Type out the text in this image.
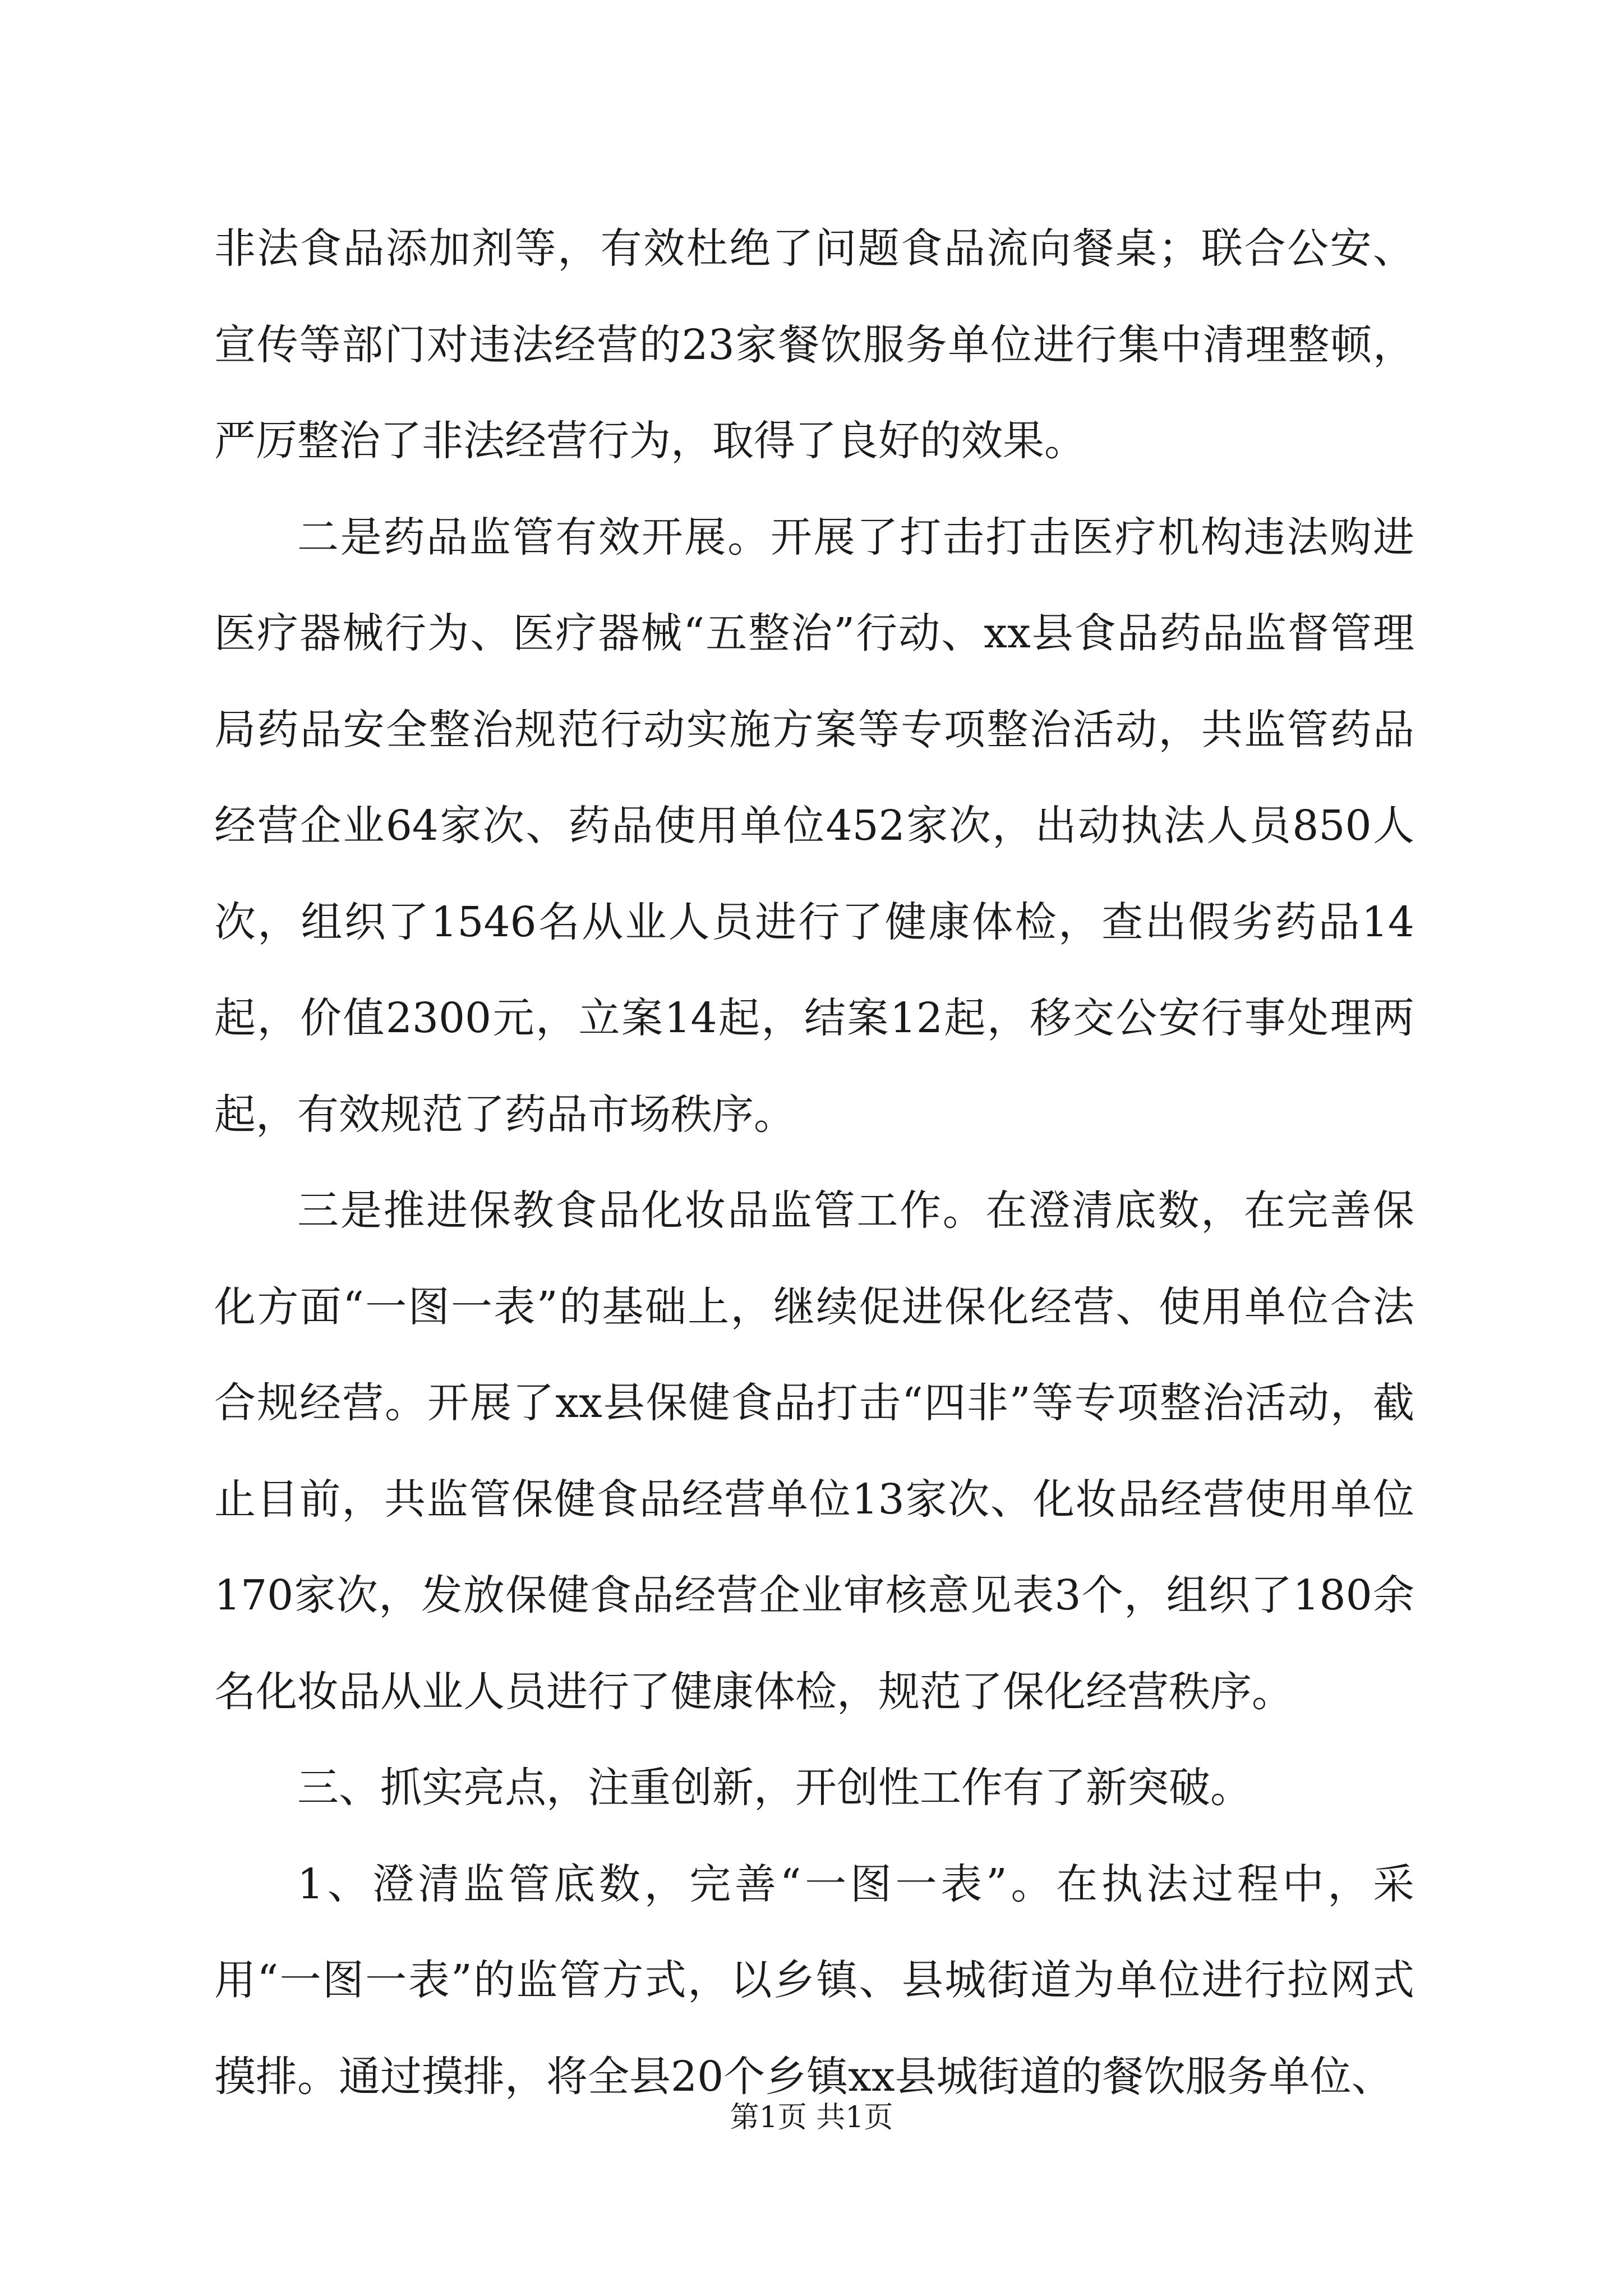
非法食品添加剂等，有效杜绝了问题食品流向餐桌；联合公安、宣传等部门对违法经营的23家餐饮服务单位进行集中清理整顿，严厉整治了非法经营行为，取得了良好的效果。

二是药品监管有效开展。开展了打击打击医疗机构违法购进医疗器械行为、医疗器械“五整治”行动、xx县食品药品监督管理局药品安全整治规范行动实施方案等专项整治活动，共监管药品经营企业64家次、药品使用单位452家次，出动执法人员850人次，组织了1546名从业人员进行了健康体检，查出假劣药品14起，价值2300元，立案14起，结案12起，移交公安行事处理两起，有效规范了药品市场秩序。

三是推进保教食品化妆品监管工作。在澄清底数，在完善保化方面“一图一表”的基础上，继续促进保化经营、使用单位合法合规经营。开展了xx县保健食品打击“四非”等专项整治活动，截止目前，共监管保健食品经营单位13家次、化妆品经营使用单位170家次，发放保健食品经营企业审核意见表3个，组织了180余名化妆品从业人员进行了健康体检，规范了保化经营秩序。

三、抓实亮点，注重创新，开创性工作有了新突破。

1、澄清监管底数，完善“一图一表”。在执法过程中，采用“一图一表”的监管方式，以乡镇、县城街道为单位进行拉网式摸排。通过摸排，将全县20个乡镇xx县城街道的餐饮服务单位、

第1页 共1页
